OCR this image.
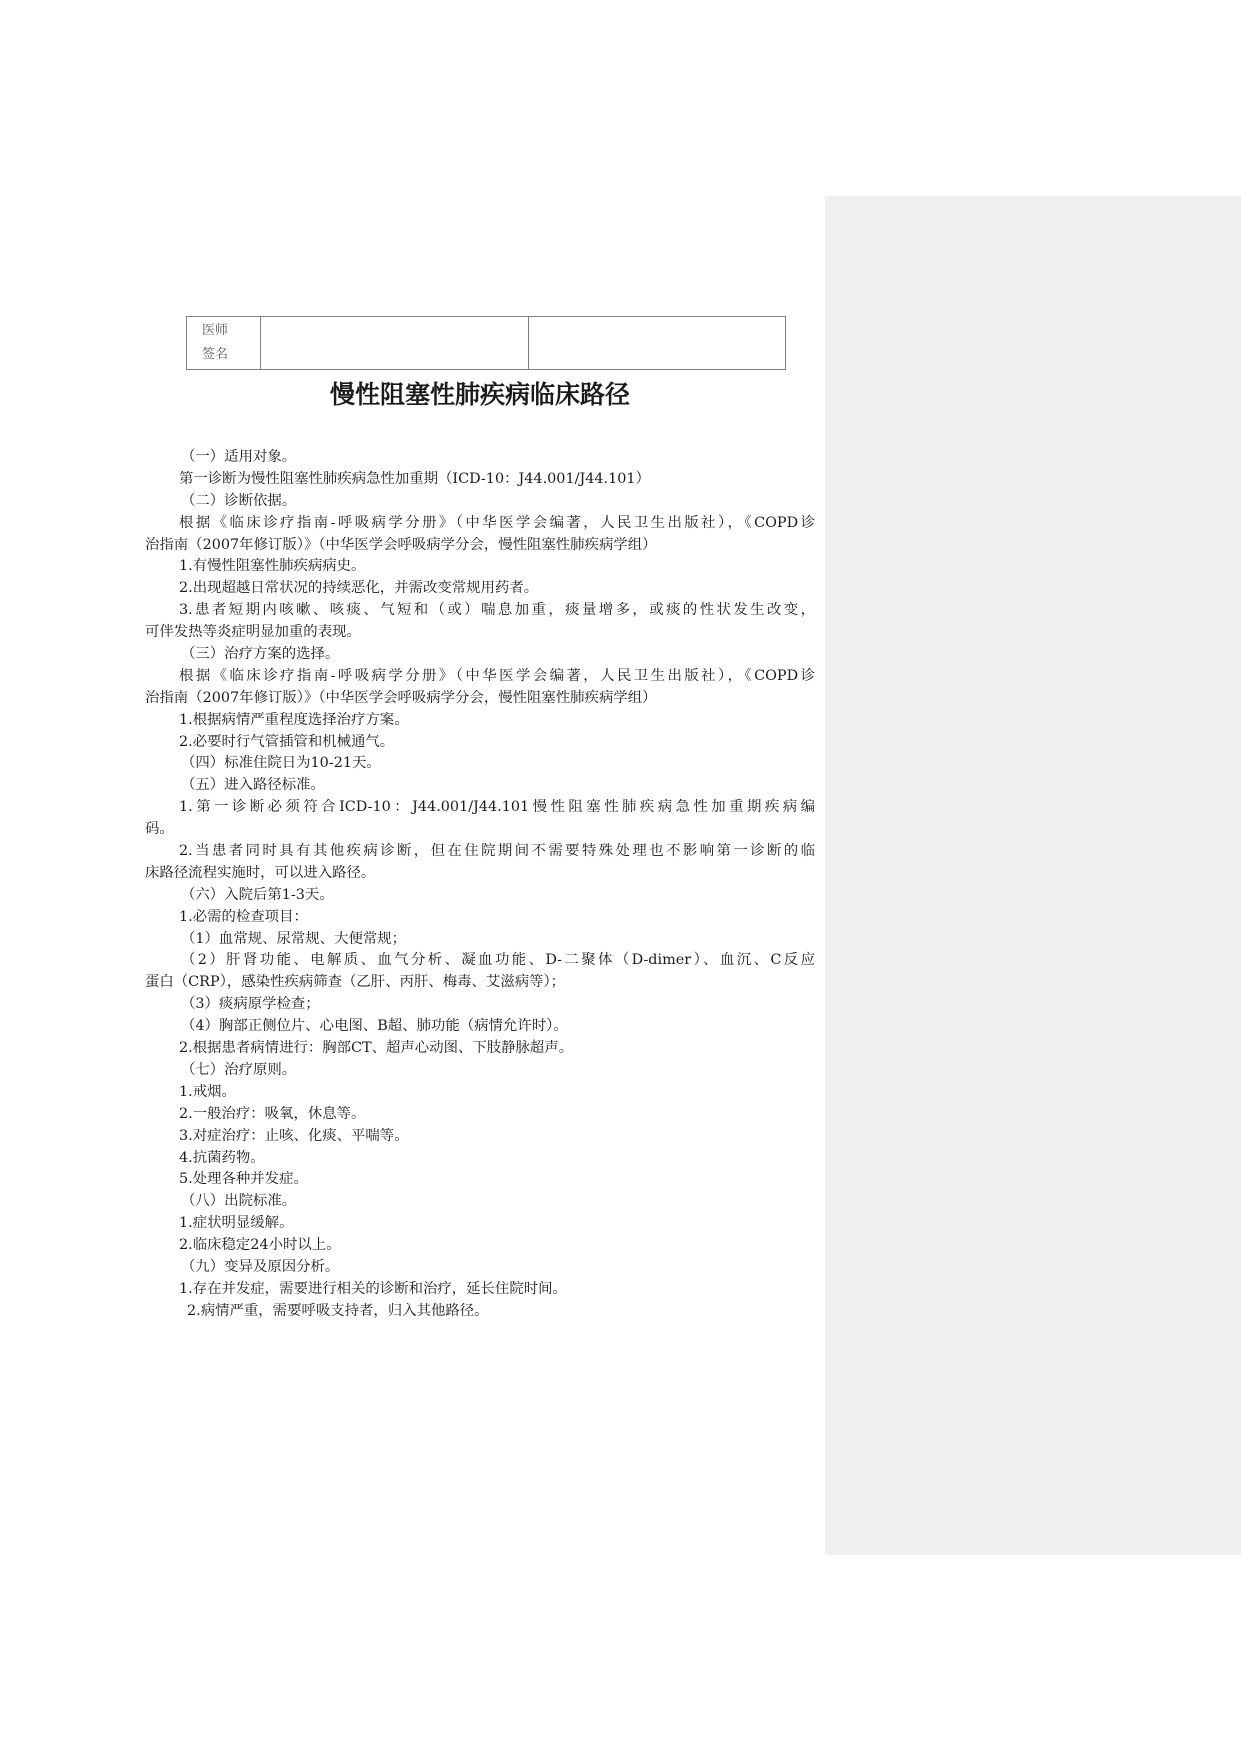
医师
签名

慢性阻塞性肺疾病临床路径
（一）适用对象。
第一诊断为慢性阻塞性肺疾病急性加重期（ICD-10：J44.001/J44.101）
（二）诊断依据。
根据《临床诊疗指南-呼吸病学分册》（中华医学会编著，人民卫生出版社），《COPD诊
治指南（2007年修订版）》（中华医学会呼吸病学分会，慢性阻塞性肺疾病学组）
1.有慢性阻塞性肺疾病病史。
2.出现超越日常状况的持续恶化，并需改变常规用药者。
3.患者短期内咳嗽、咳痰、气短和（或）喘息加重，痰量增多，或痰的性状发生改变，
可伴发热等炎症明显加重的表现。
（三）治疗方案的选择。
根据《临床诊疗指南-呼吸病学分册》（中华医学会编著，人民卫生出版社），《COPD诊
治指南（2007年修订版）》（中华医学会呼吸病学分会，慢性阻塞性肺疾病学组）
1.根据病情严重程度选择治疗方案。
2.必要时行气管插管和机械通气。
（四）标准住院日为10-21天。
（五）进入路径标准。
1.第一诊断必须符合ICD-10：J44.001/J44.101慢性阻塞性肺疾病急性加重期疾病编
码。
2.当患者同时具有其他疾病诊断，但在住院期间不需要特殊处理也不影响第一诊断的临
床路径流程实施时，可以进入路径。
（六）入院后第1-3天。
1.必需的检查项目：
（1）血常规、尿常规、大便常规；
（2）肝肾功能、电解质、血气分析、凝血功能、D-二聚体（D-dimer）、血沉、C反应
蛋白（CRP），感染性疾病筛查（乙肝、丙肝、梅毒、艾滋病等）；
（3）痰病原学检查；
（4）胸部正侧位片、心电图、B超、肺功能（病情允许时）。
2.根据患者病情进行：胸部CT、超声心动图、下肢静脉超声。
（七）治疗原则。
1.戒烟。
2.一般治疗：吸氧，休息等。
3.对症治疗：止咳、化痰、平喘等。
4.抗菌药物。
5.处理各种并发症。
（八）出院标准。
1.症状明显缓解。
2.临床稳定24小时以上。
（九）变异及原因分析。
1.存在并发症，需要进行相关的诊断和治疗，延长住院时间。
2.病情严重，需要呼吸支持者，归入其他路径。
